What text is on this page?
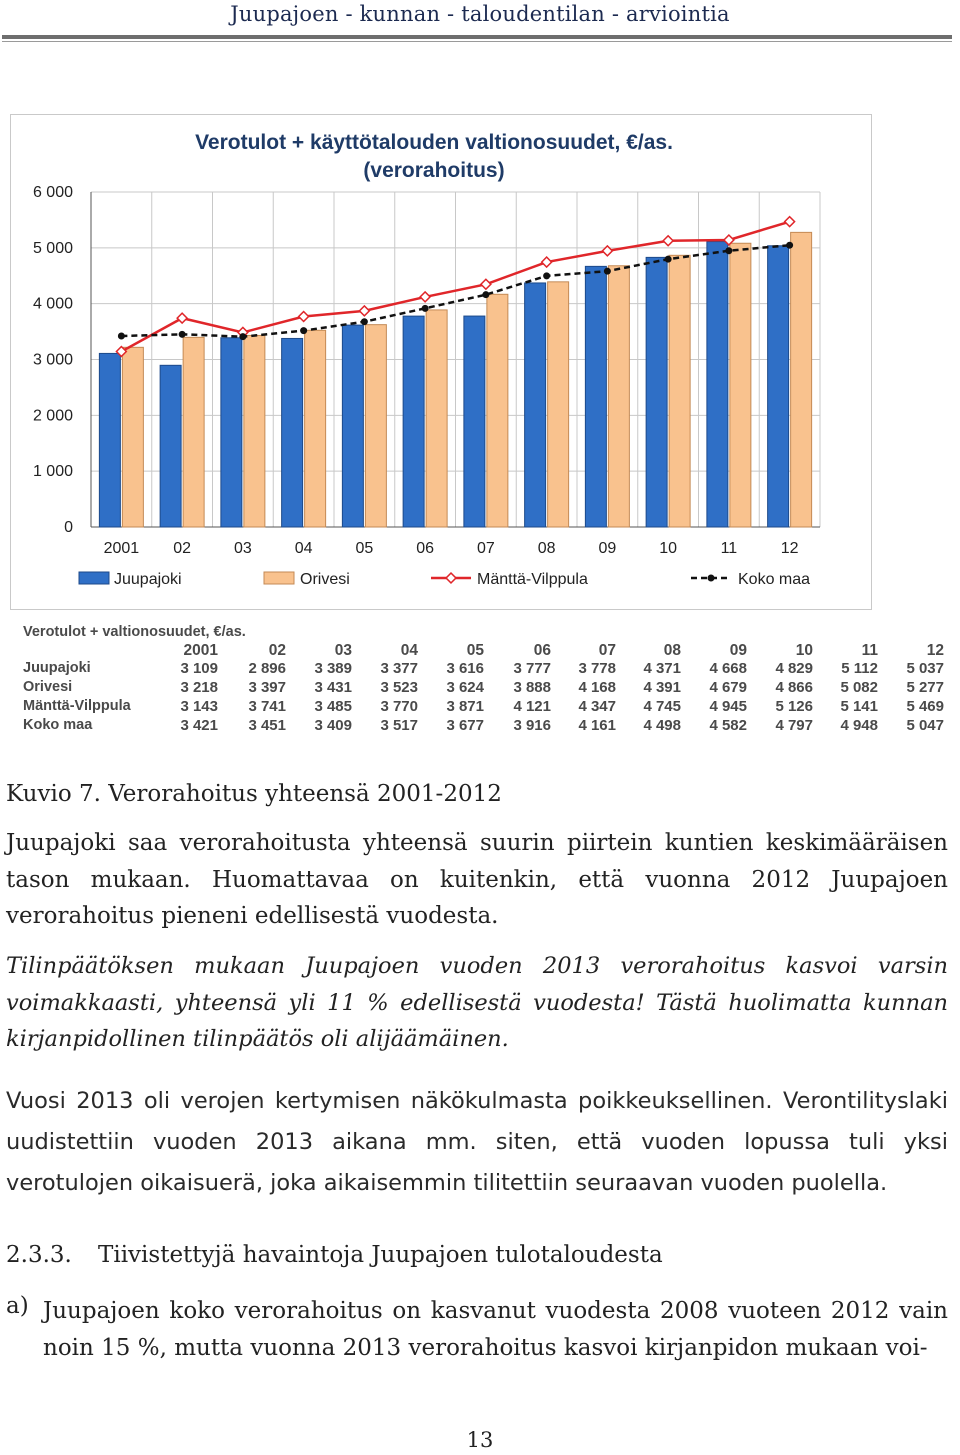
Juupajoen - kunnan - taloudentilan - arviointia
Verotulot + käyttötalouden valtionosuudet, €/as.
(verorahoitus)
0
1 000
2 000
3 000
4 000
5 000
6 000
2001 02	03	04	05	06	07	08	09	10	11	12
Juupajoki	Orivesi	Mänttä-Vilppula	Koko maa
Verotulot + valtionosuudet, €/as.
2001	02	03	04	05	06	07	08	09	10	11	12
Juupajoki	3 109	2 896	3 389	3 377	3 616	3 777	3 778	4 371	4 668	4 829	5 112	5 037
Orivesi	3 218	3 397	3 431	3 523	3 624	3 888	4 168	4 391	4 679	4 866	5 082	5 277
Mänttä-Vilppula	3 143	3 741	3 485	3 770	3 871	4 121	4 347	4 745	4 945	5 126	5 141	5 469
Koko maa	3 421	3 451	3 409	3 517	3 677	3 916	4 161	4 498	4 582	4 797	4 948	5 047

Kuvio 7. Verorahoitus yhteensä 2001-2012

Juupajoki saa verorahoitusta yhteensä suurin piirtein kuntien keskimääräisen tason mukaan. Huomattavaa on kuitenkin, että vuonna 2012 Juupajoen verorahoitus pieneni edellisestä vuodesta.

Tilinpäätöksen mukaan Juupajoen vuoden 2013 verorahoitus kasvoi varsin voimakkaasti, yhteensä yli 11 % edellisestä vuodesta! Tästä huolimatta kunnan kirjanpidollinen tilinpäätös oli alijäämäinen.

Vuosi 2013 oli verojen kertymisen näkökulmasta poikkeuksellinen. Verontilityslaki uudistettiin vuoden 2013 aikana mm. siten, että vuoden lopussa tuli yksi verotulojen oikaisuerä, joka aikaisemmin tilitettiin seuraavan vuoden puolella.

2.3.3. Tiivistettyjä havaintoja Juupajoen tulotaloudesta
a) Juupajoen koko verorahoitus on kasvanut vuodesta 2008 vuoteen 2012 vain noin 15 %, mutta vuonna 2013 verorahoitus kasvoi kirjanpidon mukaan voi-

13
